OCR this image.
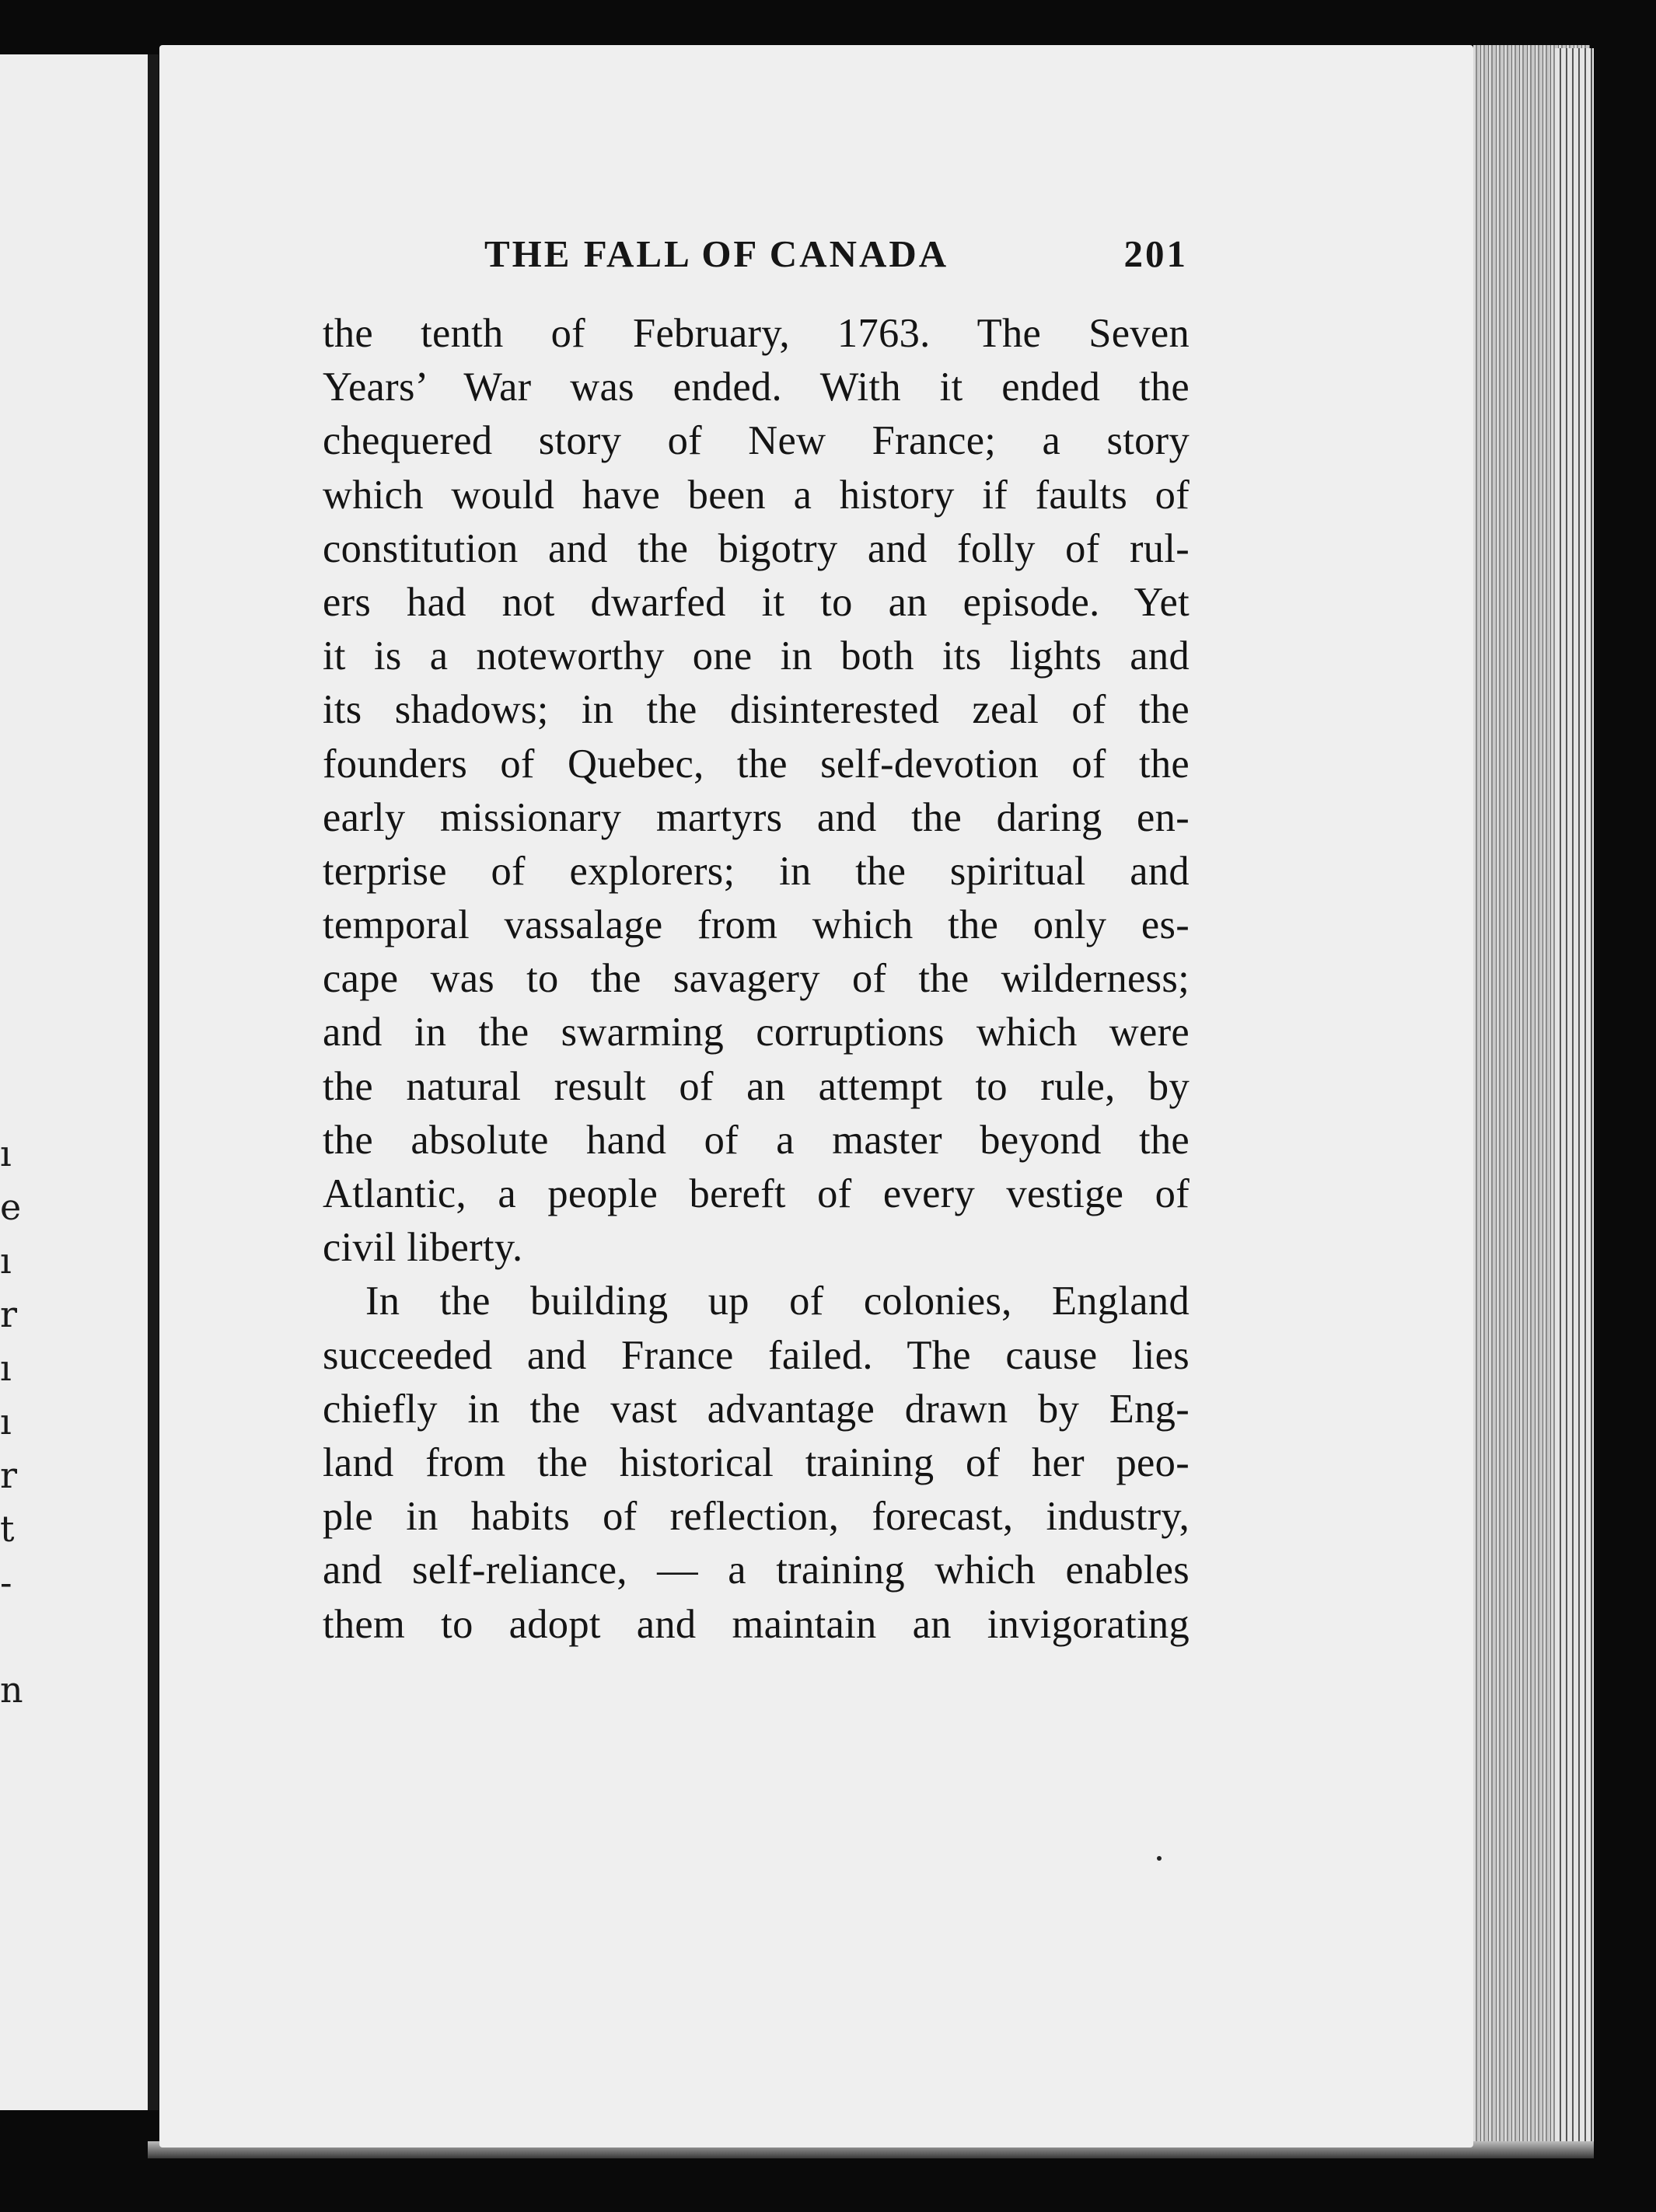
ı
e
ı
r
ı
ı
r
t
-
n
THE FALL OF CANADA	201
the tenth of February, 1763. The Seven
Years’ War was ended. With it ended the
chequered story of New France; a story
which would have been a history if faults of
constitution and the bigotry and folly of rul-
ers had not dwarfed it to an episode. Yet
it is a noteworthy one in both its lights and
its shadows; in the disinterested zeal of the
founders of Quebec, the self-devotion of the
early missionary martyrs and the daring en-
terprise of explorers; in the spiritual and
temporal vassalage from which the only es-
cape was to the savagery of the wilderness;
and in the swarming corruptions which were
the natural result of an attempt to rule, by
the absolute hand of a master beyond the
Atlantic, a people bereft of every vestige of
civil liberty.
In the building up of colonies, England
succeeded and France failed. The cause lies
chiefly in the vast advantage drawn by Eng-
land from the historical training of her peo-
ple in habits of reflection, forecast, industry,
and self-reliance, — a training which enables
them to adopt and maintain an invigorating
